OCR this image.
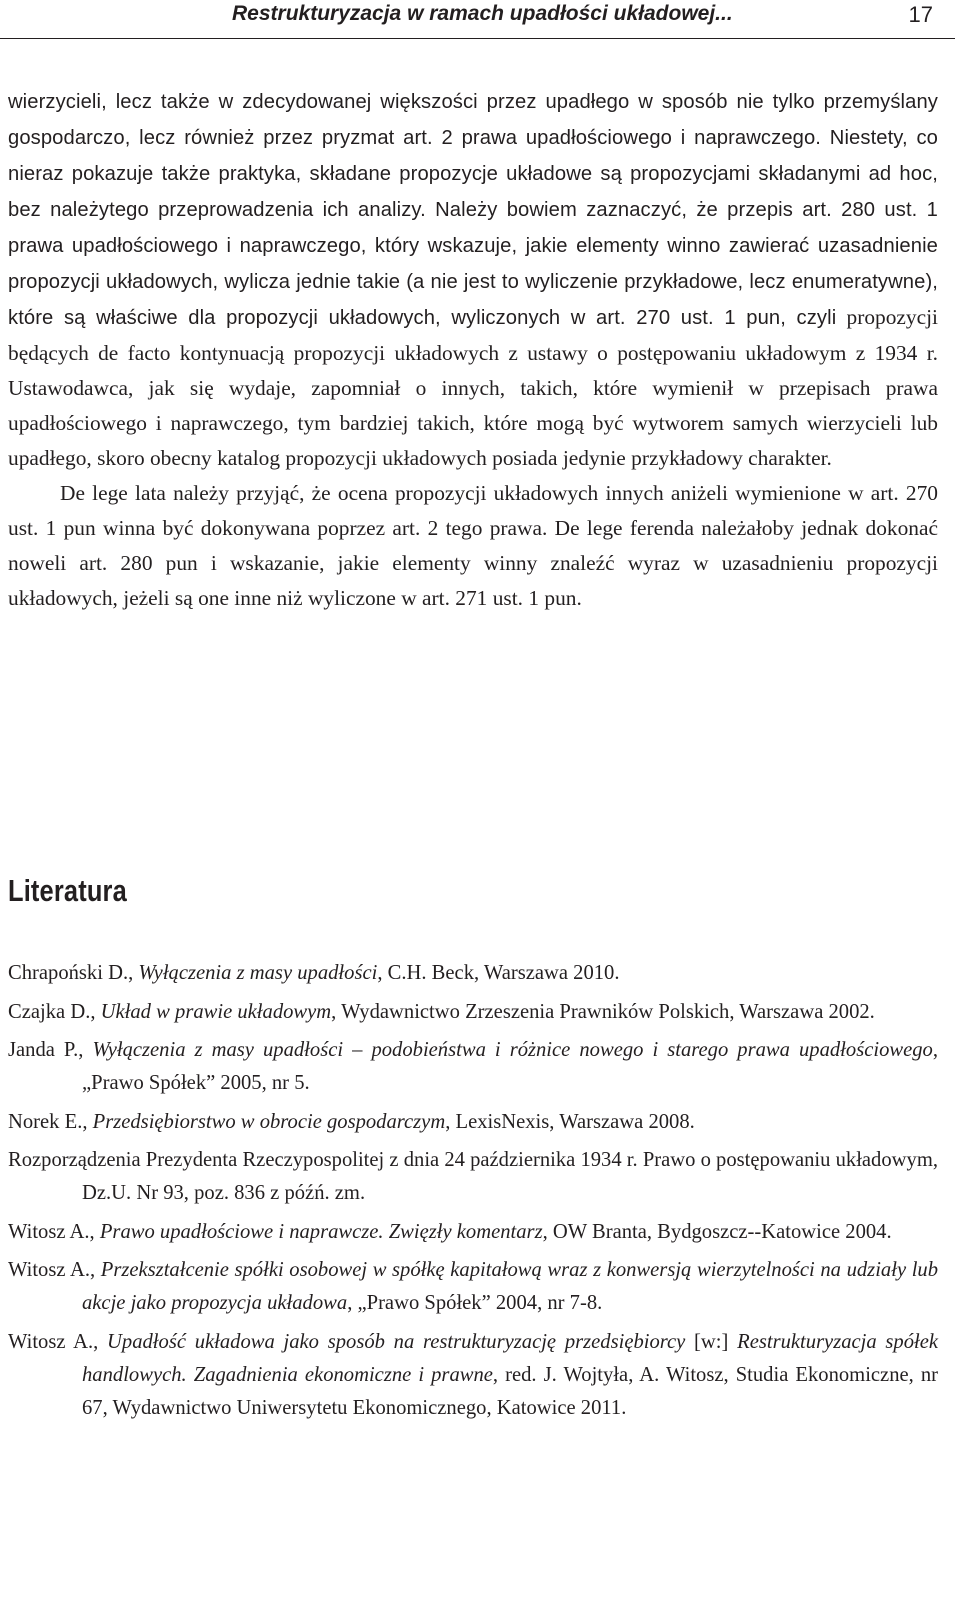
Restrukturyzacja w ramach upadłości układowej...	17

wierzycieli, lecz także w zdecydowanej większości przez upadłego w sposób nie tylko przemyślany gospodarczo, lecz również przez pryzmat art. 2 prawa upadłościowego i naprawczego. Niestety, co nieraz pokazuje także praktyka, składane propozycje układowe są propozycjami składanymi ad hoc, bez należytego przeprowadzenia ich analizy. Należy bowiem zaznaczyć, że przepis art. 280 ust. 1 prawa upadłościowego i naprawczego, który wskazuje, jakie elementy winno zawierać uzasadnienie propozycji układowych, wylicza jednie takie (a nie jest to wyliczenie przykładowe, lecz enumeratywne), które są właściwe dla propozycji układowych, wyliczonych w art. 270 ust. 1 pun, czyli propozycji będących de facto kontynuacją propozycji układowych z ustawy o postępowaniu układowym z 1934 r. Ustawodawca, jak się wydaje, zapomniał o innych, takich, które wymienił w przepisach prawa upadłościowego i naprawczego, tym bardziej takich, które mogą być wytworem samych wierzycieli lub upadłego, skoro obecny katalog propozycji układowych posiada jedynie przykładowy charakter.

De lege lata należy przyjąć, że ocena propozycji układowych innych aniżeli wymienione w art. 270 ust. 1 pun winna być dokonywana poprzez art. 2 tego prawa. De lege ferenda należałoby jednak dokonać noweli art. 280 pun i wskazanie, jakie elementy winny znaleźć wyraz w uzasadnieniu propozycji układowych, jeżeli są one inne niż wyliczone w art. 271 ust. 1 pun.

Literatura
Chrapoński D., Wyłączenia z masy upadłości, C.H. Beck, Warszawa 2010.
Czajka D., Układ w prawie układowym, Wydawnictwo Zrzeszenia Prawników Polskich, Warszawa 2002.
Janda P., Wyłączenia z masy upadłości – podobieństwa i różnice nowego i starego prawa upadłościowego, „Prawo Spółek” 2005, nr 5.
Norek E., Przedsiębiorstwo w obrocie gospodarczym, LexisNexis, Warszawa 2008.
Rozporządzenia Prezydenta Rzeczypospolitej z dnia 24 października 1934 r. Prawo o postępowaniu układowym, Dz.U. Nr 93, poz. 836 z późń. zm.
Witosz A., Prawo upadłościowe i naprawcze. Zwięzły komentarz, OW Branta, Bydgoszcz--Katowice 2004.
Witosz A., Przekształcenie spółki osobowej w spółkę kapitałową wraz z konwersją wierzytelności na udziały lub akcje jako propozycja układowa, „Prawo Spółek” 2004, nr 7-8.
Witosz A., Upadłość układowa jako sposób na restrukturyzację przedsiębiorcy [w:] Restrukturyzacja spółek handlowych. Zagadnienia ekonomiczne i prawne, red. J. Wojtyła, A. Witosz, Studia Ekonomiczne, nr 67, Wydawnictwo Uniwersytetu Ekonomicznego, Katowice 2011.
